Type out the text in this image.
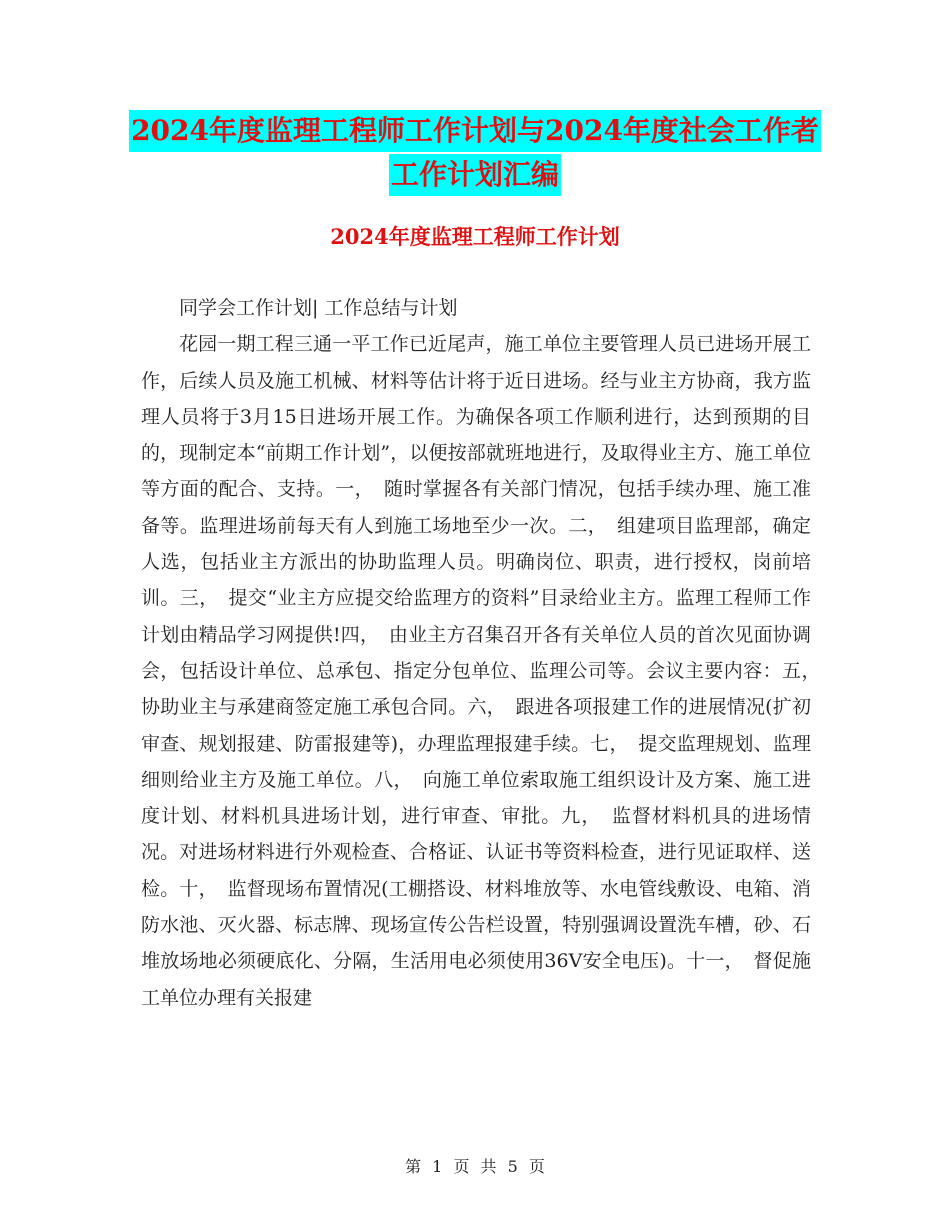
2024年度监理工程师工作计划与2024年度社会工作者
工作计划汇编
2024年度监理工程师工作计划

同学会工作计划| 工作总结与计划

花园一期工程三通一平工作已近尾声，施工单位主要管理人员已进场开展工作，后续人员及施工机械、材料等估计将于近日进场。经与业主方协商，我方监理人员将于3月15日进场开展工作。为确保各项工作顺利进行，达到预期的目的，现制定本“前期工作计划”，以便按部就班地进行，及取得业主方、施工单位等方面的配合、支持。一，　随时掌握各有关部门情况，包括手续办理、施工准备等。监理进场前每天有人到施工场地至少一次。二，　组建项目监理部，确定人选，包括业主方派出的协助监理人员。明确岗位、职责，进行授权，岗前培训。三，　提交“业主方应提交给监理方的资料”目录给业主方。监理工程师工作计划由精品学习网提供!四，　由业主方召集召开各有关单位人员的首次见面协调会，包括设计单位、总承包、指定分包单位、监理公司等。会议主要内容：五，　协助业主与承建商签定施工承包合同。六，　跟进各项报建工作的进展情况(扩初审查、规划报建、防雷报建等)，办理监理报建手续。七，　提交监理规划、监理细则给业主方及施工单位。八，　向施工单位索取施工组织设计及方案、施工进度计划、材料机具进场计划，进行审查、审批。九，　监督材料机具的进场情况。对进场材料进行外观检查、合格证、认证书等资料检查，进行见证取样、送检。十，　监督现场布置情况(工棚搭设、材料堆放等、水电管线敷设、电箱、消防水池、灭火器、标志牌、现场宣传公告栏设置，特别强调设置洗车槽，砂、石堆放场地必须硬底化、分隔，生活用电必须使用36V安全电压)。十一，　督促施工单位办理有关报建

第 1 页 共 5 页
